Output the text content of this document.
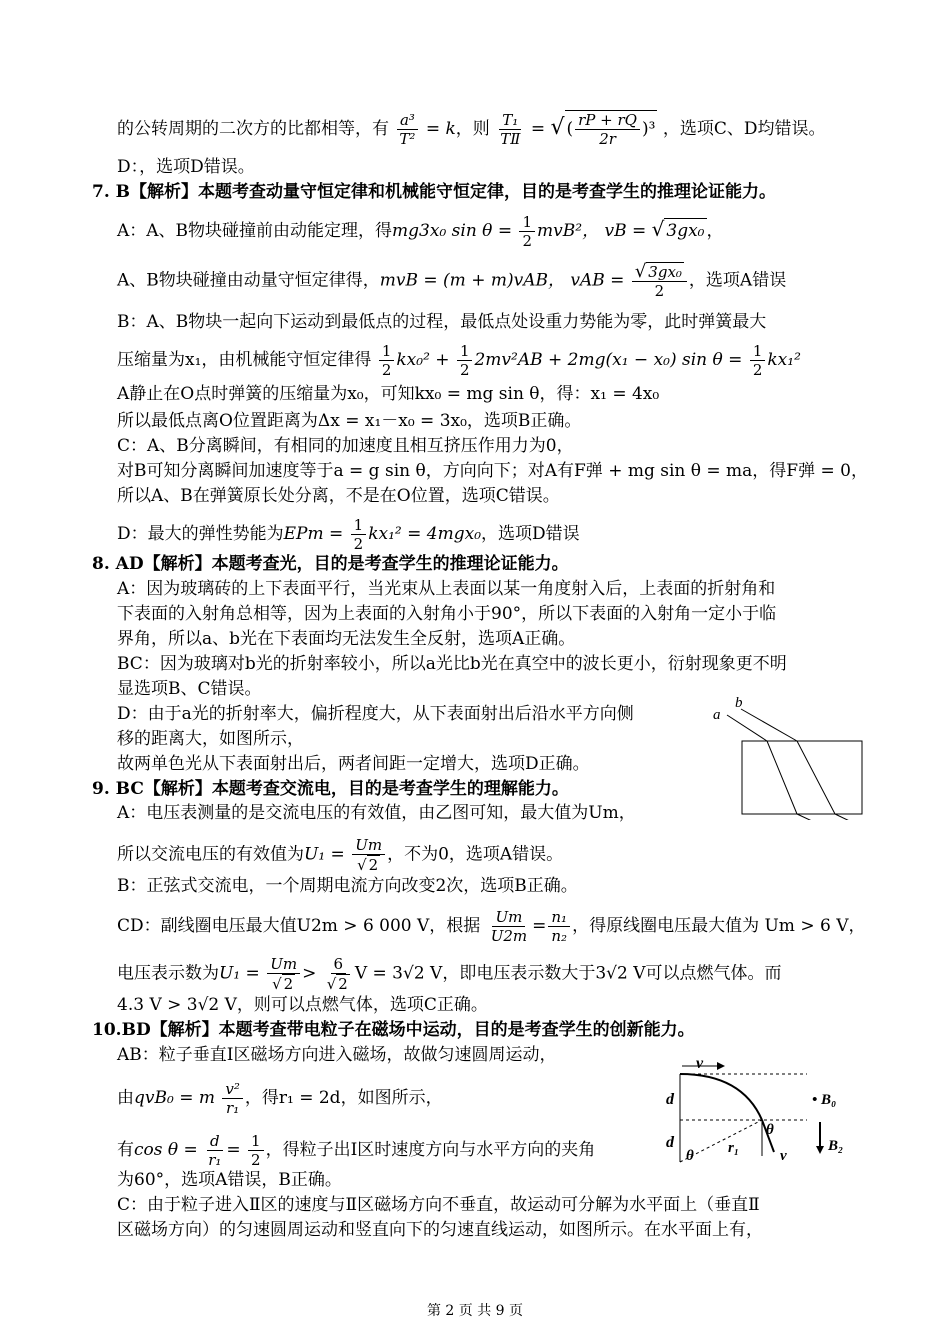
的公转周期的二次方的比都相等，有 $\frac{\text{a³}}{\text{T²}} = k$，则 $\frac{\text{T₁}}{\text{TⅡ}}$ = √ ( $\frac{rP + rQ}{2r} )^3$ ，选项C、D均错误。
D：，选项D错误。
7. B【解析】本题考查动量守恒定律和机械能守恒定律，目的是考查学生的推理论证能力。
A：A、B物块碰撞前由动能定理，得mg3x₀ $\sin \theta = \frac{1}{2} mvB^2$， vB = √ 3gx₀ ，
A、B物块碰撞由动量守恒定律得，mvB = (m + m)vAB， vAB = $\frac{\text{√ 3gx₀}}{2}$ ，选项A错误
B：A、B物块一起向下运动到最低点的过程，最低点处设重力势能为零，此时弹簧最大
压缩量为x₁，由机械能守恒定律得 $\frac{1}{2} kx_0^2 + \frac{1}{2} 2mv^2AB + 2mg(x_1 - x_0)$ $\sin \theta = \frac{1}{2} kx_1^2$
A静止在O点时弹簧的压缩量为x₀，可知kx₀ = mg sin θ，得：x₁ = 4x₀
所以最低点离O位置距离为Δx = x₁－x₀ = 3x₀，选项B正确。
C：A、B分离瞬间，有相同的加速度且相互挤压作用力为0，
对B可知分离瞬间加速度等于a = g sin θ，方向向下；对A有F弹 + mg sin θ = ma，得F弹 = 0，
所以A、B在弹簧原长处分离，不是在O位置，选项C错误。
D：最大的弹性势能为EPm = $\frac{1}{2} kx_1^2 = 4mgx_0$，选项D错误
8. AD【解析】本题考查光，目的是考查学生的推理论证能力。
A：因为玻璃砖的上下表面平行，当光束从上表面以某一角度射入后，上表面的折射角和
下表面的入射角总相等，因为上表面的入射角小于90°，所以下表面的入射角一定小于临
界角，所以a、b光在下表面均无法发生全反射，选项A正确。
BC：因为玻璃对b光的折射率较小，所以a光比b光在真空中的波长更小，衍射现象更不明
显选项B、C错误。
D：由于a光的折射率大，偏折程度大，从下表面射出后沿水平方向侧
移的距离大，如图所示，
故两单色光从下表面射出后，两者间距一定增大，选项D正确。
a
b
9. BC【解析】本题考查交流电，目的是考查学生的理解能力。
A：电压表测量的是交流电压的有效值，由乙图可知，最大值为Um，
所以交流电压的有效值为$U_1 = \frac{Um}{√ 2}$ ，不为0，选项A错误。
B：正弦式交流电，一个周期电流方向改变2次，选项B正确。
CD：副线圈电压最大值U2m > 6 000 V，根据 $\frac{Um}{U2m} = \frac{\text{n₁}}{\text{n₂}}$ ，得原线圈电压最大值为 Um > 6 V，
电压表示数为$U_1 = \frac{Um}{√ 2} > \frac{6}{√ 2}$ V = 3√2 V，即电压表示数大于3√2 V可以点燃气体。而
4.3 V > 3√2 V，则可以点燃气体，选项C正确。
10.BD【解析】本题考查带电粒子在磁场中运动，目的是考查学生的创新能力。
AB：粒子垂直Ⅰ区磁场方向进入磁场，故做匀速圆周运动，
由qvB₀ = m $\frac{\text{v²}}{\text{r₁}}$ ，得r₁ = 2d，如图所示，
有$\cos \theta = \frac{d}{\text{r₁}} = \frac{1}{2}$ ，得粒子出Ⅰ区时速度方向与水平方向的夹角
为60°，选项A错误，B正确。
C：由于粒子进入Ⅱ区的速度与Ⅱ区磁场方向不垂直，故运动可分解为水平面上（垂直Ⅱ
区磁场方向）的匀速圆周运动和竖直向下的匀速直线运动，如图所示。在水平面上有，
v
d
d
• B₀
B₂
θ
θ r₁	v
第 2 页 共 9 页
